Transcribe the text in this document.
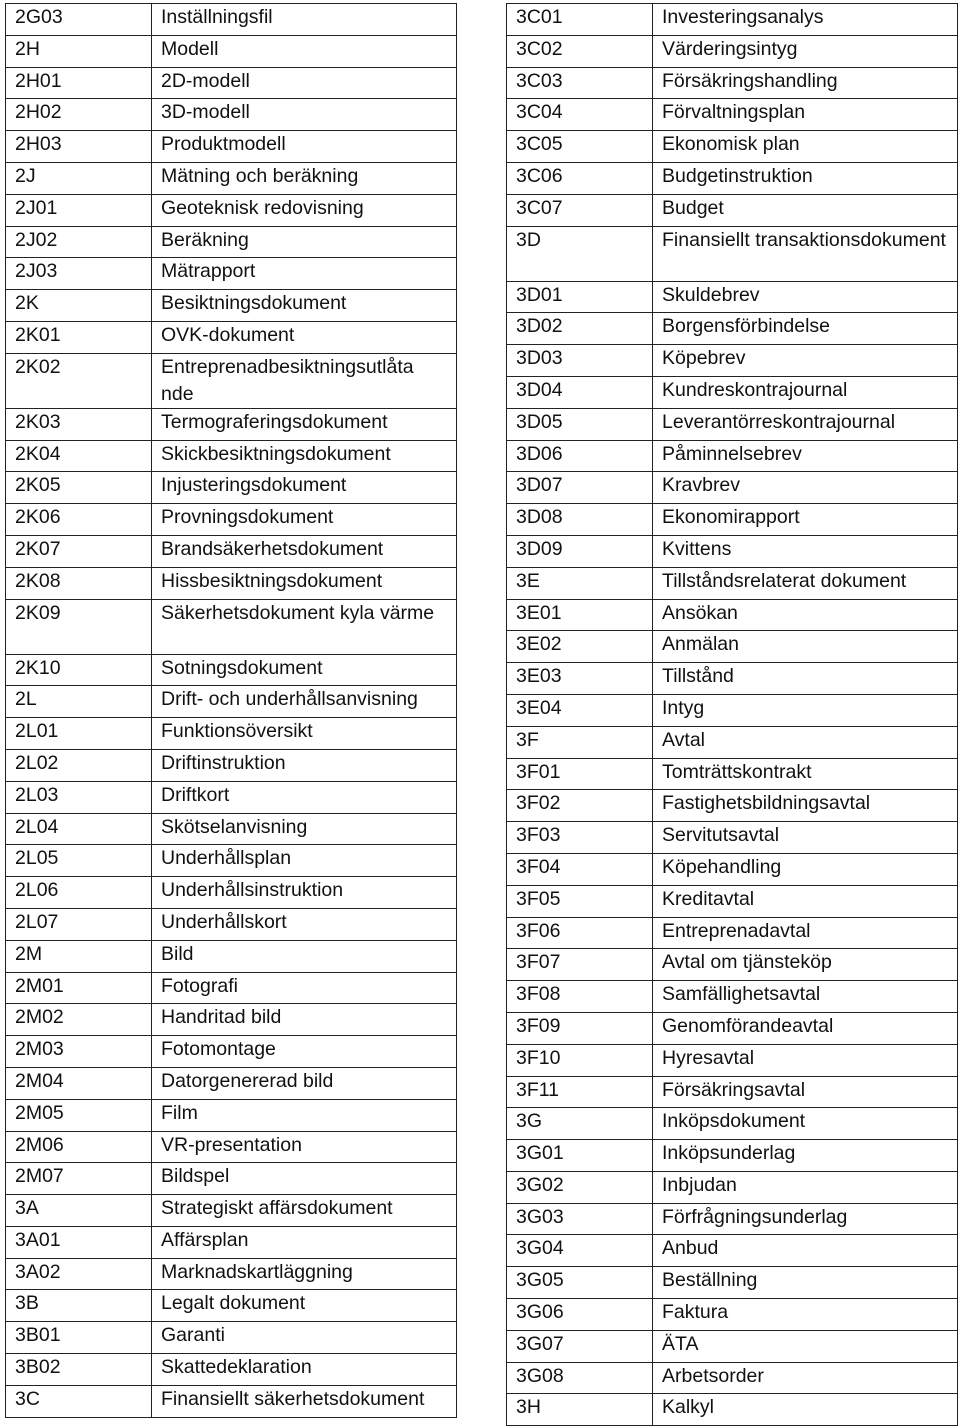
2G03	Inställningsfil
2H	Modell
2H01	2D-modell
2H02	3D-modell
2H03	Produktmodell
2J	Mätning och beräkning
2J01	Geoteknisk redovisning
2J02	Beräkning
2J03	Mätrapport
2K	Besiktningsdokument
2K01	OVK-dokument
2K02	Entreprenadbesiktningsutlåta nde
2K03	Termograferingsdokument
2K04	Skickbesiktningsdokument
2K05	Injusteringsdokument
2K06	Provningsdokument
2K07	Brandsäkerhetsdokument
2K08	Hissbesiktningsdokument
2K09	Säkerhetsdokument kyla värme
2K10	Sotningsdokument
2L	Drift- och underhållsanvisning
2L01	Funktionsöversikt
2L02	Driftinstruktion
2L03	Driftkort
2L04	Skötselanvisning
2L05	Underhållsplan
2L06	Underhållsinstruktion
2L07	Underhållskort
2M	Bild
2M01	Fotografi
2M02	Handritad bild
2M03	Fotomontage
2M04	Datorgenererad bild
2M05	Film
2M06	VR-presentation
2M07	Bildspel
3A	Strategiskt affärsdokument
3A01	Affärsplan
3A02	Marknadskartläggning
3B	Legalt dokument
3B01	Garanti
3B02	Skattedeklaration
3C	Finansiellt säkerhetsdokument
3C01	Investeringsanalys
3C02	Värderingsintyg
3C03	Försäkringshandling
3C04	Förvaltningsplan
3C05	Ekonomisk plan
3C06	Budgetinstruktion
3C07	Budget
3D	Finansiellt transaktionsdokument
3D01	Skuldebrev
3D02	Borgensförbindelse
3D03	Köpebrev
3D04	Kundreskontrajournal
3D05	Leverantörreskontrajournal
3D06	Påminnelsebrev
3D07	Kravbrev
3D08	Ekonomirapport
3D09	Kvittens
3E	Tillståndsrelaterat dokument
3E01	Ansökan
3E02	Anmälan
3E03	Tillstånd
3E04	Intyg
3F	Avtal
3F01	Tomträttskontrakt
3F02	Fastighetsbildningsavtal
3F03	Servitutsavtal
3F04	Köpehandling
3F05	Kreditavtal
3F06	Entreprenadavtal
3F07	Avtal om tjänsteköp
3F08	Samfällighetsavtal
3F09	Genomförandeavtal
3F10	Hyresavtal
3F11	Försäkringsavtal
3G	Inköpsdokument
3G01	Inköpsunderlag
3G02	Inbjudan
3G03	Förfrågningsunderlag
3G04	Anbud
3G05	Beställning
3G06	Faktura
3G07	ÄTA
3G08	Arbetsorder
3H	Kalkyl
